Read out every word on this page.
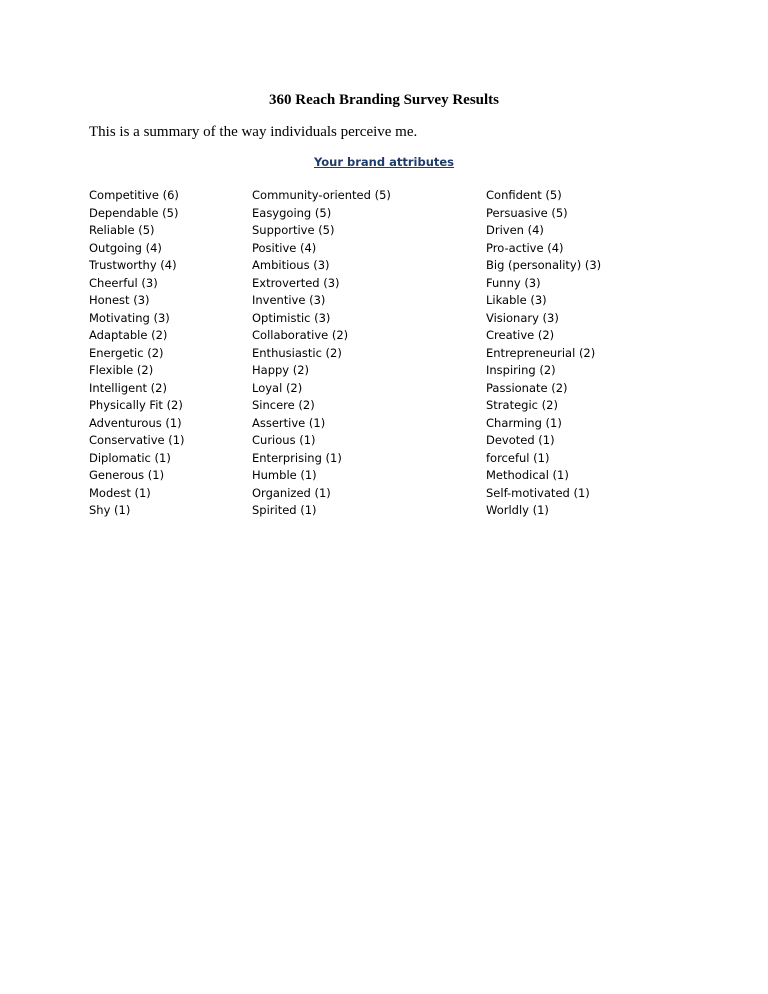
360 Reach Branding Survey Results

This is a summary of the way individuals perceive me.

Your brand attributes
Competitive (6)
Dependable (5)
Reliable (5)
Outgoing (4)
Trustworthy (4)
Cheerful (3)
Honest (3)
Motivating (3)
Adaptable (2)
Energetic (2)
Flexible (2)
Intelligent (2)
Physically Fit (2)
Adventurous (1)
Conservative (1)
Diplomatic (1)
Generous (1)
Modest (1)
Shy (1)
Community-oriented (5)
Easygoing (5)
Supportive (5)
Positive (4)
Ambitious (3)
Extroverted (3)
Inventive (3)
Optimistic (3)
Collaborative (2)
Enthusiastic (2)
Happy (2)
Loyal (2)
Sincere (2)
Assertive (1)
Curious (1)
Enterprising (1)
Humble (1)
Organized (1)
Spirited (1)
Confident (5)
Persuasive (5)
Driven (4)
Pro-active (4)
Big (personality) (3)
Funny (3)
Likable (3)
Visionary (3)
Creative (2)
Entrepreneurial (2)
Inspiring (2)
Passionate (2)
Strategic (2)
Charming (1)
Devoted (1)
forceful (1)
Methodical (1)
Self-motivated (1)
Worldly (1)
